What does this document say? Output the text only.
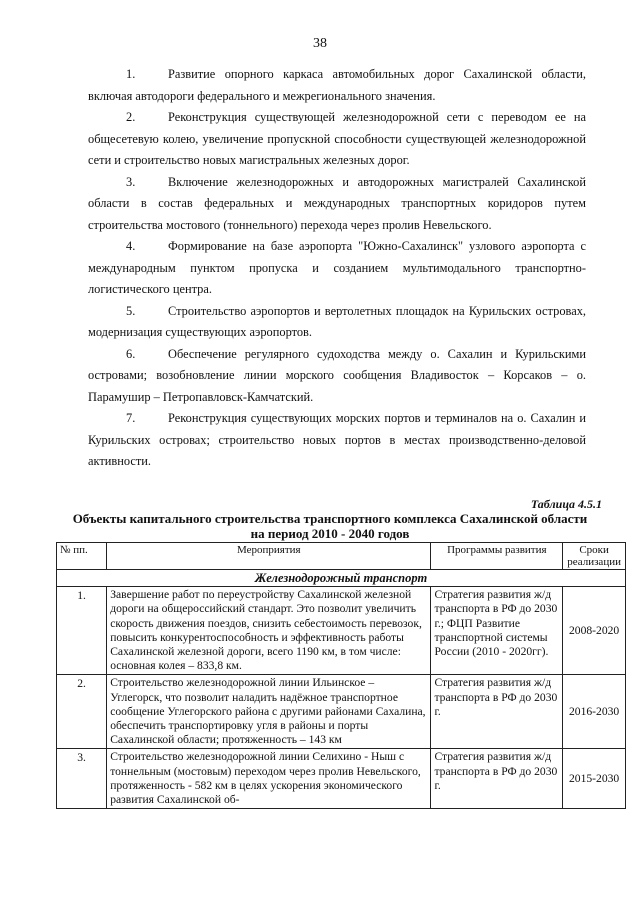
38

1.	Развитие опорного каркаса автомобильных дорог Сахалинской области, включая автодороги федерального и межрегионального значения.

2.	Реконструкция существующей железнодорожной сети с переводом ее на общесетевую колею, увеличение пропускной способности существующей железнодорожной сети и строительство новых магистральных железных дорог.

3.	Включение железнодорожных и автодорожных магистралей Сахалинской области в состав федеральных и международных транспортных коридоров путем строительства мостового (тоннельного) перехода через пролив Невельского.

4.	Формирование на базе аэропорта "Южно-Сахалинск" узлового аэропорта с международным пунктом пропуска и созданием мультимодального транспортно-логистического центра.

5.	Строительство аэропортов и вертолетных площадок на Курильских островах, модернизация существующих аэропортов.

6.	Обеспечение регулярного судоходства между о. Сахалин и Курильскими островами; возобновление линии морского сообщения Владивосток – Корсаков – о. Парамушир – Петропавловск-Камчатский.

7.	Реконструкция существующих морских портов и терминалов на о. Сахалин и Курильских островах; строительство новых портов в местах производственно-деловой активности.

Таблица 4.5.1
Объекты капитального строительства транспортного комплекса Сахалинской области на период 2010 - 2040 годов
№ пп.	Мероприятия	Программы развития	Сроки реализации
Железнодорожный транспорт			
1.	Завершение работ по переустройству Сахалинской железной дороги на общероссийский стандарт. Это позволит увеличить скорость движения поездов, снизить себестоимость перевозок, повысить конкурентоспособность и эффективность работы Сахалинской железной дороги, всего 1190 км, в том числе: основная колея – 833,8 км.	Стратегия развития ж/д транспорта в РФ до 2030 г.; ФЦП Развитие транспортной системы России (2010 - 2020гг).	2008-2020
2.	Строительство железнодорожной линии Ильинское – Углегорск, что позволит наладить надёжное транспортное сообщение Углегорского района с другими районами Сахалина, обеспечить транспортировку угля в районы и порты Сахалинской области; протяженность – 143 км	Стратегия развития ж/д транспорта в РФ до 2030 г.	2016-2030
3.	Строительство железнодорожной линии Селихино - Ныш с тоннельным (мостовым) переходом через пролив Невельского, протяженность - 582 км в целях ускорения экономического развития Сахалинской об-	Стратегия развития ж/д транспорта в РФ до 2030 г.	2015-2030
